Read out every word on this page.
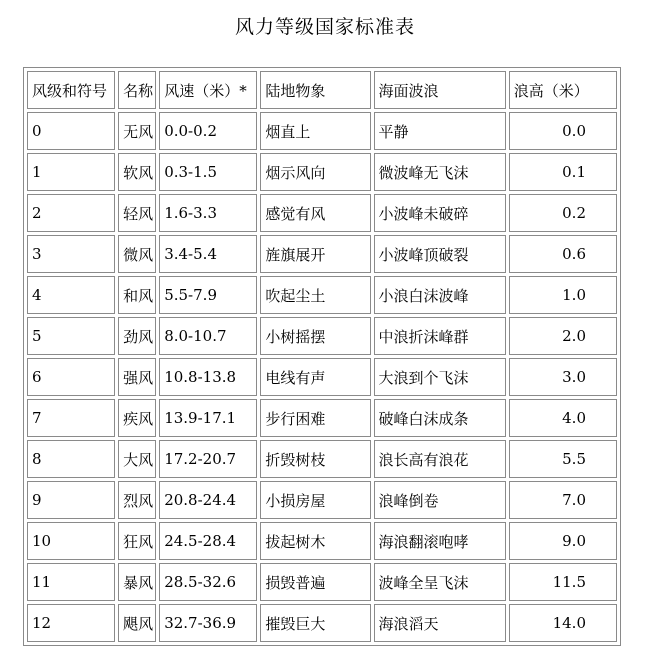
风力等级国家标准表
风级和符号	名称	风速（米）*	陆地物象	海面波浪	浪高（米）
0	无风	0.0-0.2	烟直上	平静	0.0
1	软风	0.3-1.5	烟示风向	微波峰无飞沫	0.1
2	轻风	1.6-3.3	感觉有风	小波峰未破碎	0.2
3	微风	3.4-5.4	旌旗展开	小波峰顶破裂	0.6
4	和风	5.5-7.9	吹起尘土	小浪白沫波峰	1.0
5	劲风	8.0-10.7	小树摇摆	中浪折沫峰群	2.0
6	强风	10.8-13.8	电线有声	大浪到个飞沫	3.0
7	疾风	13.9-17.1	步行困难	破峰白沫成条	4.0
8	大风	17.2-20.7	折毁树枝	浪长高有浪花	5.5
9	烈风	20.8-24.4	小损房屋	浪峰倒卷	7.0
10	狂风	24.5-28.4	拔起树木	海浪翻滚咆哮	9.0
11	暴风	28.5-32.6	损毁普遍	波峰全呈飞沫	11.5
12	飓风	32.7-36.9	摧毁巨大	海浪滔天	14.0
